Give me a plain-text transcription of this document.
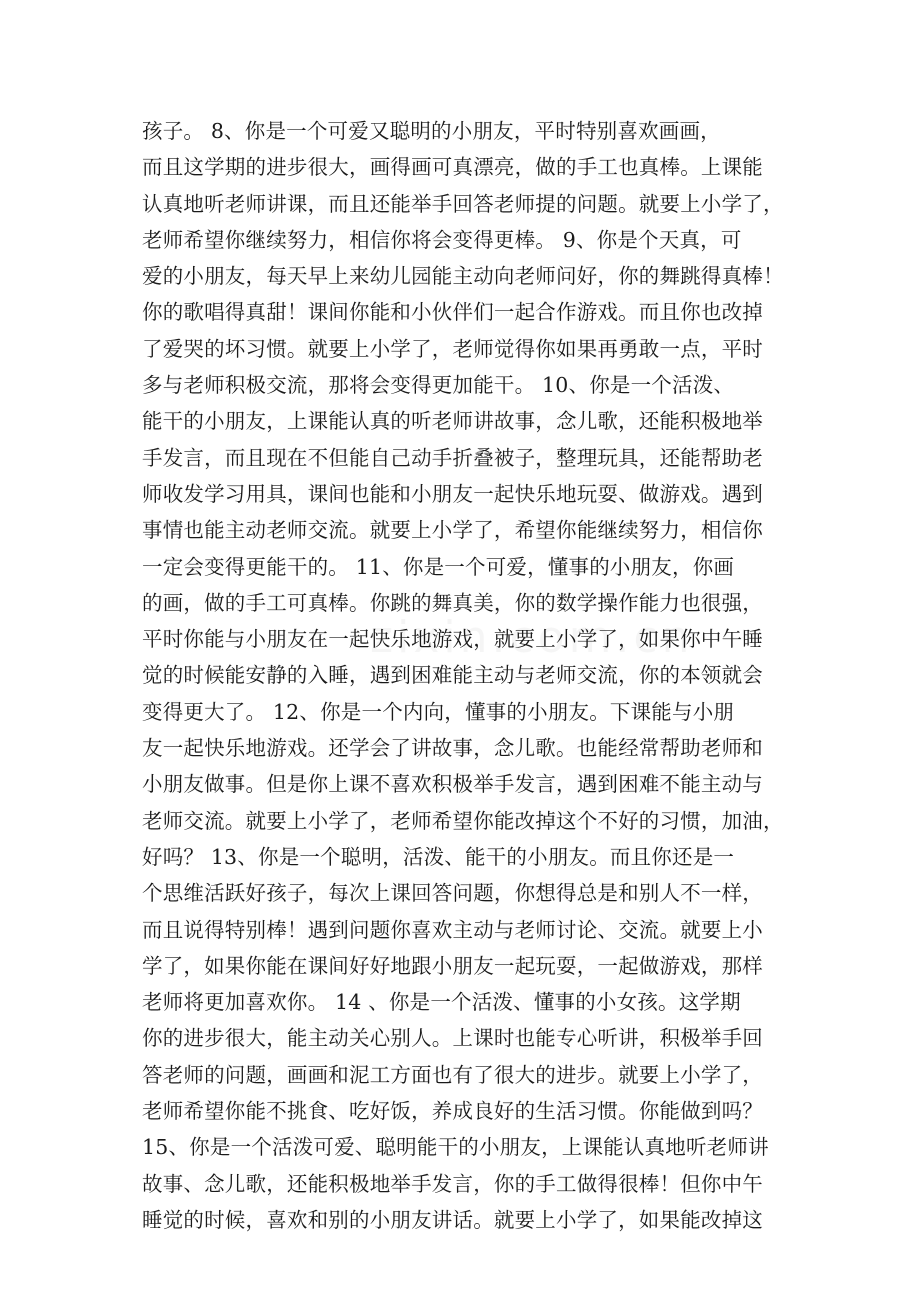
孩子。 8、你是一个可爱又聪明的小朋友，平时特别喜欢画画，
而且这学期的进步很大，画得画可真漂亮，做的手工也真棒。上课能
认真地听老师讲课，而且还能举手回答老师提的问题。就要上小学了，
老师希望你继续努力，相信你将会变得更棒。 9、你是个天真，可
爱的小朋友，每天早上来幼儿园能主动向老师问好，你的舞跳得真棒！
你的歌唱得真甜！课间你能和小伙伴们一起合作游戏。而且你也改掉
了爱哭的坏习惯。就要上小学了，老师觉得你如果再勇敢一点，平时
多与老师积极交流，那将会变得更加能干。 10、你是一个活泼、
能干的小朋友，上课能认真的听老师讲故事，念儿歌，还能积极地举
手发言，而且现在不但能自己动手折叠被子，整理玩具，还能帮助老
师收发学习用具，课间也能和小朋友一起快乐地玩耍、做游戏。遇到
事情也能主动老师交流。就要上小学了，希望你能继续努力，相信你
一定会变得更能干的。 11、你是一个可爱，懂事的小朋友，你画
的画，做的手工可真棒。你跳的舞真美，你的数学操作能力也很强，
平时你能与小朋友在一起快乐地游戏，就要上小学了，如果你中午睡
觉的时候能安静的入睡，遇到困难能主动与老师交流，你的本领就会
变得更大了。 12、你是一个内向，懂事的小朋友。下课能与小朋
友一起快乐地游戏。还学会了讲故事，念儿歌。也能经常帮助老师和
小朋友做事。但是你上课不喜欢积极举手发言，遇到困难不能主动与
老师交流。就要上小学了，老师希望你能改掉这个不好的习惯，加油，
好吗？ 13、你是一个聪明，活泼、能干的小朋友。而且你还是一
个思维活跃好孩子，每次上课回答问题，你想得总是和别人不一样，
而且说得特别棒！遇到问题你喜欢主动与老师讨论、交流。就要上小
学了，如果你能在课间好好地跟小朋友一起玩耍，一起做游戏，那样
老师将更加喜欢你。 14 、你是一个活泼、懂事的小女孩。这学期
你的进步很大，能主动关心别人。上课时也能专心听讲，积极举手回
答老师的问题，画画和泥工方面也有了很大的进步。就要上小学了，
老师希望你能不挑食、吃好饭，养成良好的生活习惯。你能做到吗？
15、你是一个活泼可爱、聪明能干的小朋友，上课能认真地听老师讲
故事、念儿歌，还能积极地举手发言，你的手工做得很棒！但你中午
睡觉的时候，喜欢和别的小朋友讲话。就要上小学了，如果能改掉这
